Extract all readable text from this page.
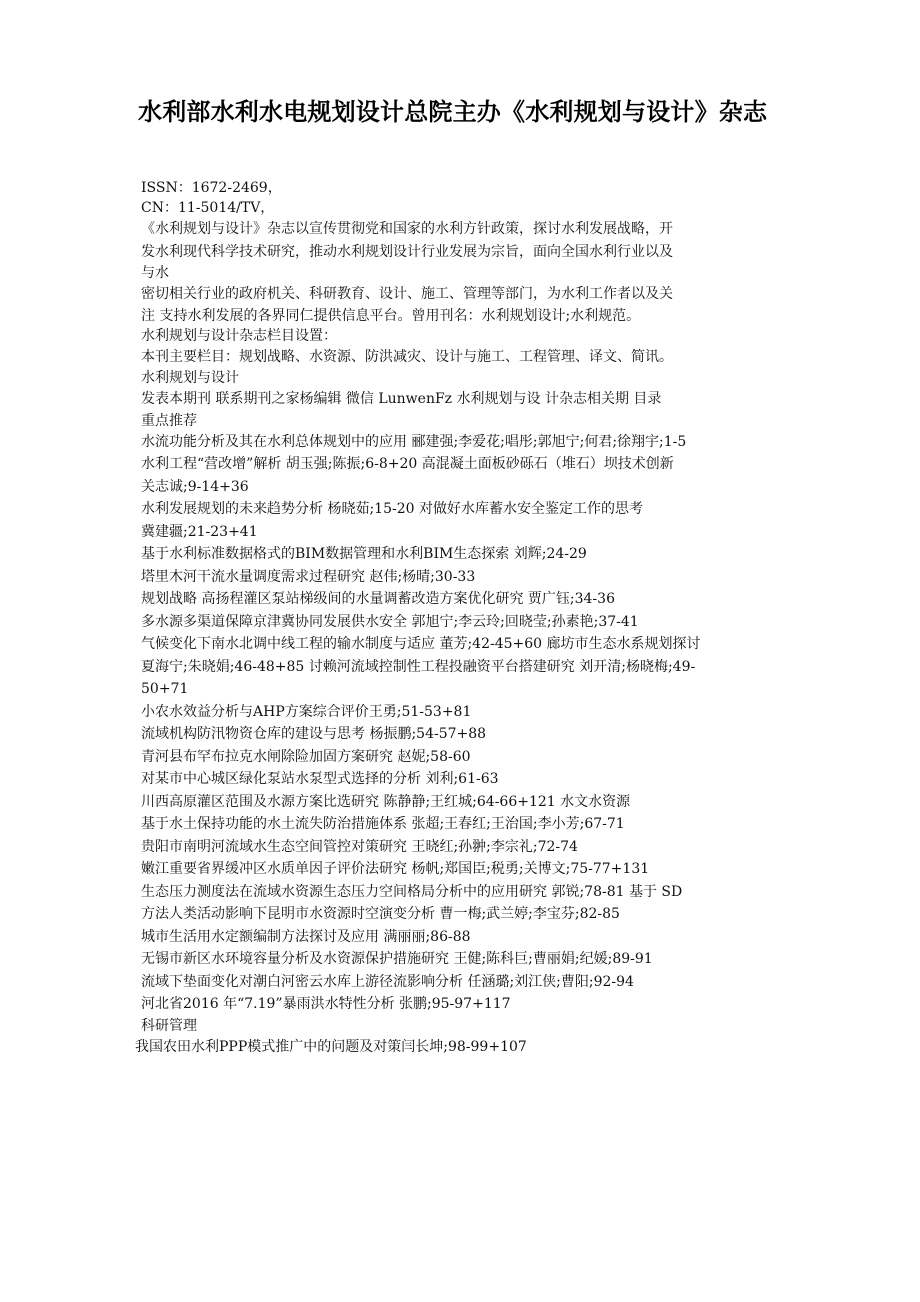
水利部水利水电规划设计总院主办《水利规划与设计》杂志
ISSN：1672-2469，
CN：11-5014/TV，
《水利规划与设计》杂志以宣传贯彻党和国家的水利方针政策，探讨水利发展战略，开
发水利现代科学技术研究，推动水利规划设计行业发展为宗旨，面向全国水利行业以及
与水
密切相关行业的政府机关、科研教育、设计、施工、管理等部门，为水利工作者以及关
注 支持水利发展的各界同仁提供信息平台。曾用刊名：水利规划设计;水利规范。
水利规划与设计杂志栏目设置：
本刊主要栏目：规划战略、水资源、防洪减灾、设计与施工、工程管理、译文、简讯。
水利规划与设计
发表本期刊 联系期刊之家杨编辑 微信 LunwenFz 水利规划与设 计杂志相关期 目录
重点推荐
水流功能分析及其在水利总体规划中的应用 郦建强;李爱花;唱彤;郭旭宁;何君;徐翔宇;1-5
水利工程“营改增”解析 胡玉强;陈振;6-8+20 高混凝土面板砂砾石（堆石）坝技术创新
关志诚;9-14+36
水利发展规划的未来趋势分析 杨晓茹;15-20 对做好水库蓄水安全鉴定工作的思考
冀建疆;21-23+41
基于水利标准数据格式的BIM数据管理和水利BIM生态探索 刘辉;24-29
塔里木河干流水量调度需求过程研究 赵伟;杨晴;30-33
规划战略 高扬程灌区泵站梯级间的水量调蓄改造方案优化研究 贾广钰;34-36
多水源多渠道保障京津冀协同发展供水安全 郭旭宁;李云玲;回晓莹;孙素艳;37-41
气候变化下南水北调中线工程的输水制度与适应 董芳;42-45+60 廊坊市生态水系规划探讨
夏海宁;朱晓娟;46-48+85 讨赖河流域控制性工程投融资平台搭建研究 刘开清;杨晓梅;49-
50+71
小农水效益分析与AHP方案综合评价王勇;51-53+81
流域机构防汛物资仓库的建设与思考 杨振鹏;54-57+88
青河县布罕布拉克水闸除险加固方案研究 赵妮;58-60
对某市中心城区绿化泵站水泵型式选择的分析 刘利;61-63
川西高原灌区范围及水源方案比选研究 陈静静;王红城;64-66+121 水文水资源
基于水土保持功能的水土流失防治措施体系 张超;王春红;王治国;李小芳;67-71
贵阳市南明河流域水生态空间管控对策研究 王晓红;孙翀;李宗礼;72-74
嫩江重要省界缓冲区水质单因子评价法研究 杨帆;郑国臣;税勇;关博文;75-77+131
生态压力测度法在流域水资源生态压力空间格局分析中的应用研究 郭锐;78-81 基于 SD
方法人类活动影响下昆明市水资源时空演变分析 曹一梅;武兰婷;李宝芬;82-85
城市生活用水定额编制方法探讨及应用 满丽丽;86-88
无锡市新区水环境容量分析及水资源保护措施研究 王健;陈科巨;曹丽娟;纪媛;89-91
流域下垫面变化对潮白河密云水库上游径流影响分析 任涵璐;刘江侠;曹阳;92-94
河北省2016 年“7.19”暴雨洪水特性分析 张鹏;95-97+117
科研管理
我国农田水利PPP模式推广中的问题及对策闫长坤;98-99+107
